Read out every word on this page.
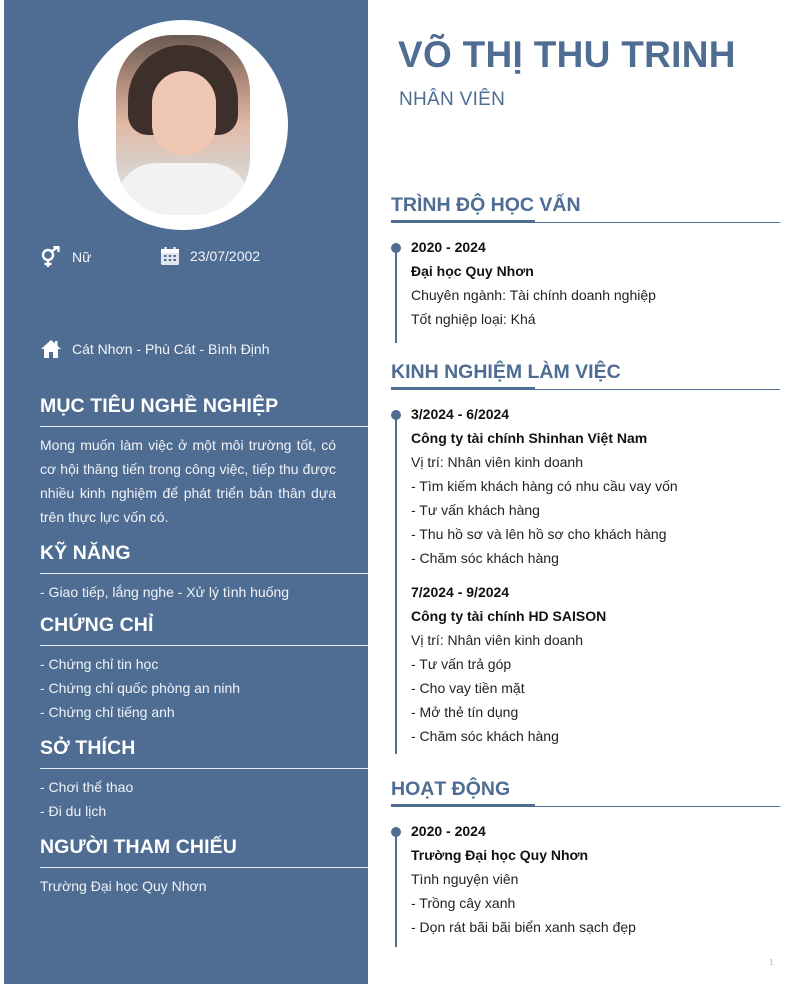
Nữ	23/07/2002
Cát Nhơn - Phù Cát - Bình Định
MỤC TIÊU NGHỀ NGHIỆP
Mong muốn làm việc ở một môi trường tốt, có cơ hội thăng tiến trong công việc, tiếp thu được nhiều kinh nghiệm để phát triển bản thân dựa trên thực lực vốn có.
KỸ NĂNG
- Giao tiếp, lắng nghe - Xử lý tình huống
CHỨNG CHỈ
- Chứng chỉ tin học
- Chứng chỉ quốc phòng an ninh
- Chứng chỉ tiếng anh
SỞ THÍCH
- Chơi thể thao
- Đi du lịch
NGƯỜI THAM CHIẾU
Trường Đại học Quy Nhơn
VÕ THỊ THU TRINH
NHÂN VIÊN
TRÌNH ĐỘ HỌC VẤN

2020 - 2024

Đại học Quy Nhơn

Chuyên ngành: Tài chính doanh nghiệp

Tốt nghiệp loại: Khá

KINH NGHIỆM LÀM VIỆC

3/2024 - 6/2024

Công ty tài chính Shinhan Việt Nam

Vị trí: Nhân viên kinh doanh

- Tìm kiếm khách hàng có nhu cầu vay vốn

- Tư vấn khách hàng

- Thu hồ sơ và lên hồ sơ cho khách hàng

- Chăm sóc khách hàng

7/2024 - 9/2024

Công ty tài chính HD SAISON

Vị trí: Nhân viên kinh doanh

- Tư vấn trả góp

- Cho vay tiền mặt

- Mở thẻ tín dụng

- Chăm sóc khách hàng

HOẠT ĐỘNG

2020 - 2024

Trường Đại học Quy Nhơn

Tình nguyện viên

- Trồng cây xanh

- Dọn rát bãi bãi biển xanh sạch đẹp

1
